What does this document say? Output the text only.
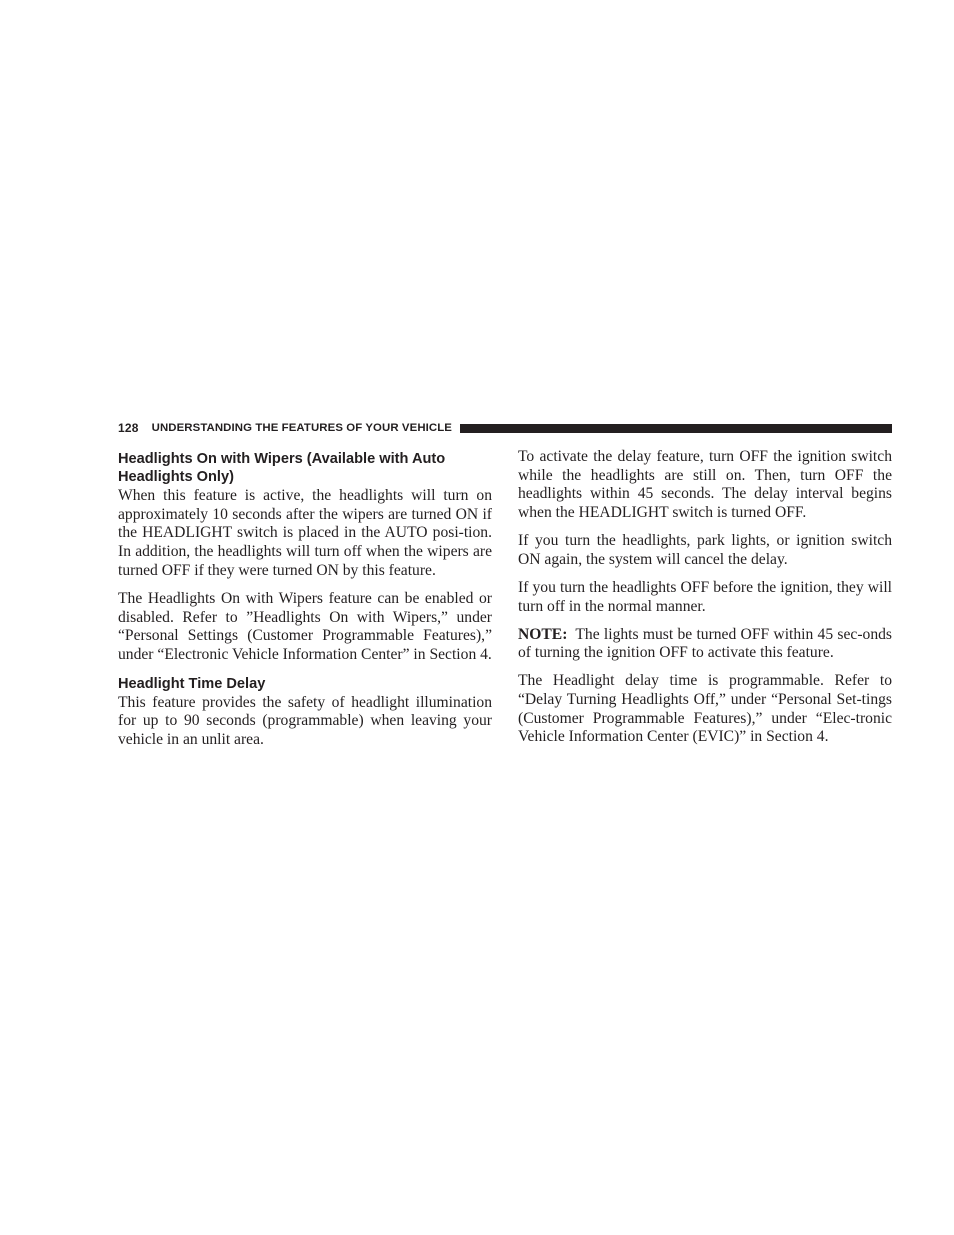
128 UNDERSTANDING THE FEATURES OF YOUR VEHICLE
Headlights On with Wipers (Available with Auto Headlights Only)

When this feature is active, the headlights will turn on approximately 10 seconds after the wipers are turned ON if the HEADLIGHT switch is placed in the AUTO posi-tion. In addition, the headlights will turn off when the wipers are turned OFF if they were turned ON by this feature.

The Headlights On with Wipers feature can be enabled or disabled. Refer to ”Headlights On with Wipers,” under “Personal Settings (Customer Programmable Features),” under “Electronic Vehicle Information Center” in Section 4.

Headlight Time Delay

This feature provides the safety of headlight illumination for up to 90 seconds (programmable) when leaving your vehicle in an unlit area.

To activate the delay feature, turn OFF the ignition switch while the headlights are still on. Then, turn OFF the headlights within 45 seconds. The delay interval begins when the HEADLIGHT switch is turned OFF.

If you turn the headlights, park lights, or ignition switch ON again, the system will cancel the delay.

If you turn the headlights OFF before the ignition, they will turn off in the normal manner.

NOTE: The lights must be turned OFF within 45 sec-onds of turning the ignition OFF to activate this feature.

The Headlight delay time is programmable. Refer to “Delay Turning Headlights Off,” under “Personal Set-tings (Customer Programmable Features),” under “Elec-tronic Vehicle Information Center (EVIC)” in Section 4.
